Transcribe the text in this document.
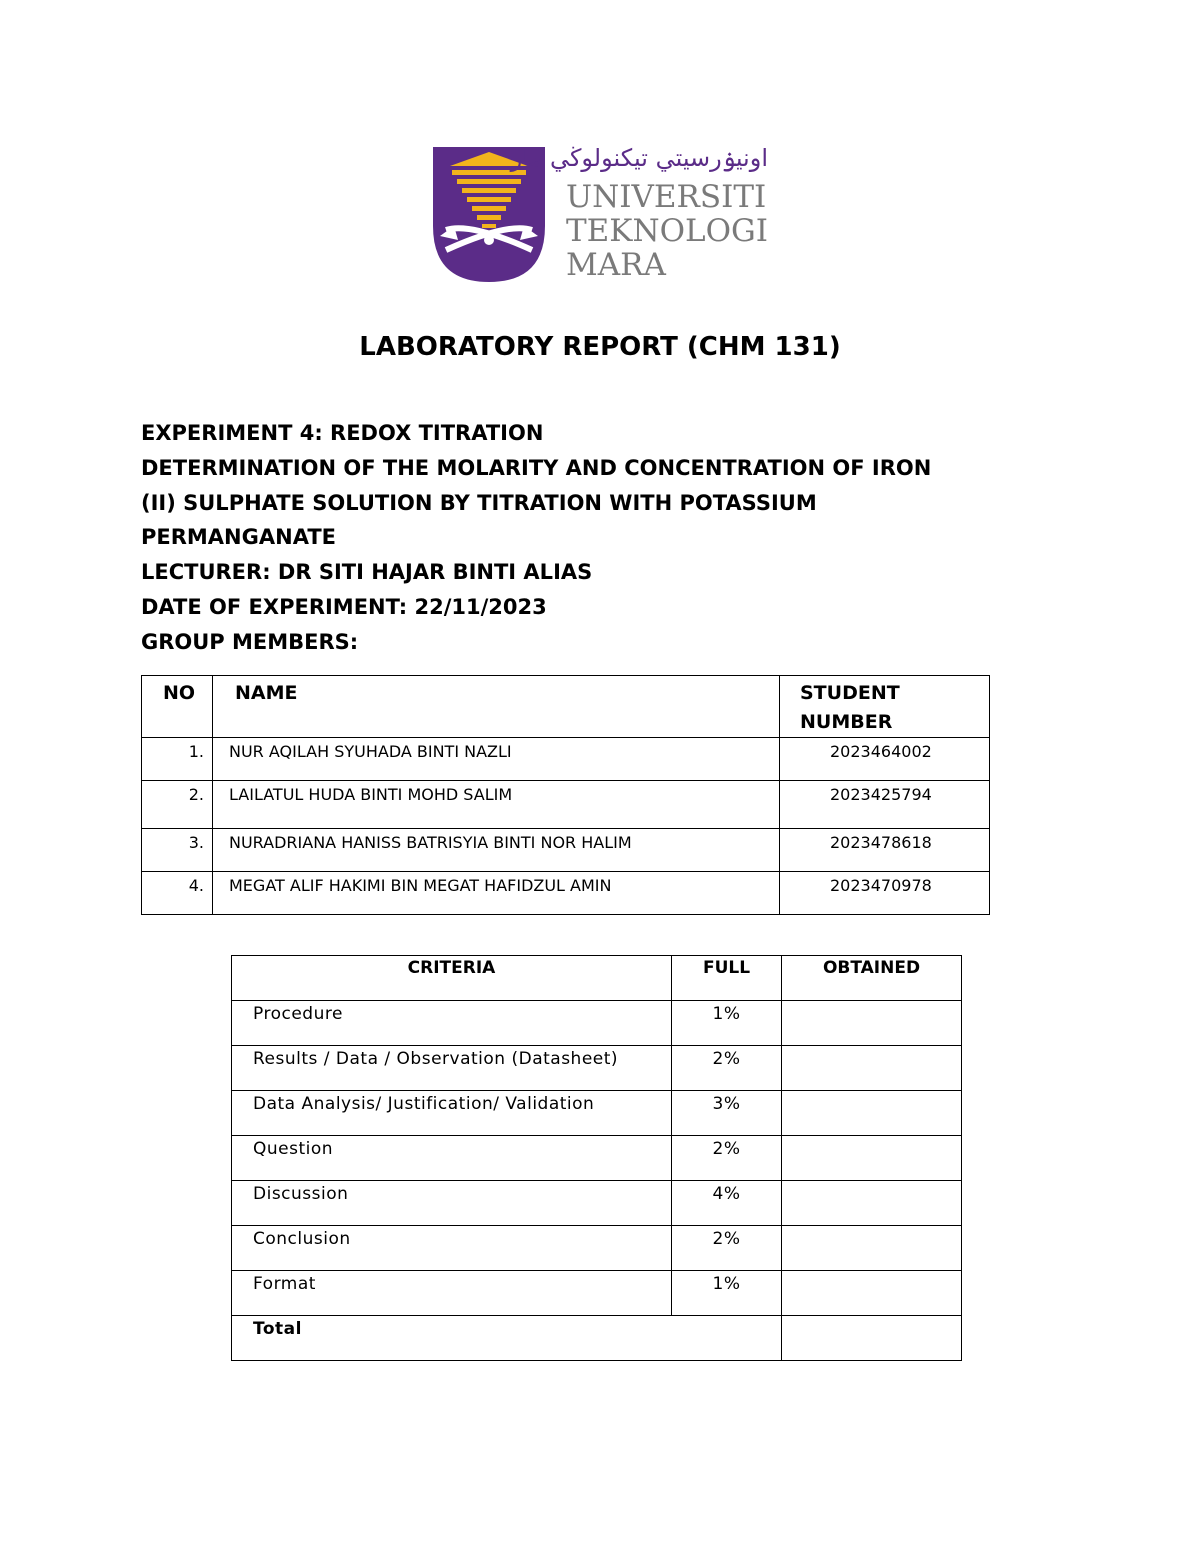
اونيۏرسيتي تيكنولوڬي مار
UNIVERSITI
TEKNOLOGI
MARA
LABORATORY REPORT (CHM 131)
EXPERIMENT 4: REDOX TITRATION
DETERMINATION OF THE MOLARITY AND CONCENTRATION OF IRON
(II) SULPHATE SOLUTION BY TITRATION WITH POTASSIUM
PERMANGANATE
LECTURER: DR SITI HAJAR BINTI ALIAS
DATE OF EXPERIMENT: 22/11/2023
GROUP MEMBERS:
NO	NAME	STUDENT NUMBER
1.	NUR AQILAH SYUHADA BINTI NAZLI	2023464002
2.	LAILATUL HUDA BINTI MOHD SALIM	2023425794
3.	NURADRIANA HANISS BATRISYIA BINTI NOR HALIM	2023478618
4.	MEGAT ALIF HAKIMI BIN MEGAT HAFIDZUL AMIN	2023470978
CRITERIA	FULL	OBTAINED
Procedure	1%	
Results / Data / Observation (Datasheet)	2%	
Data Analysis/ Justification/ Validation	3%	
Question	2%	
Discussion	4%	
Conclusion	2%	
Format	1%	
Total		
